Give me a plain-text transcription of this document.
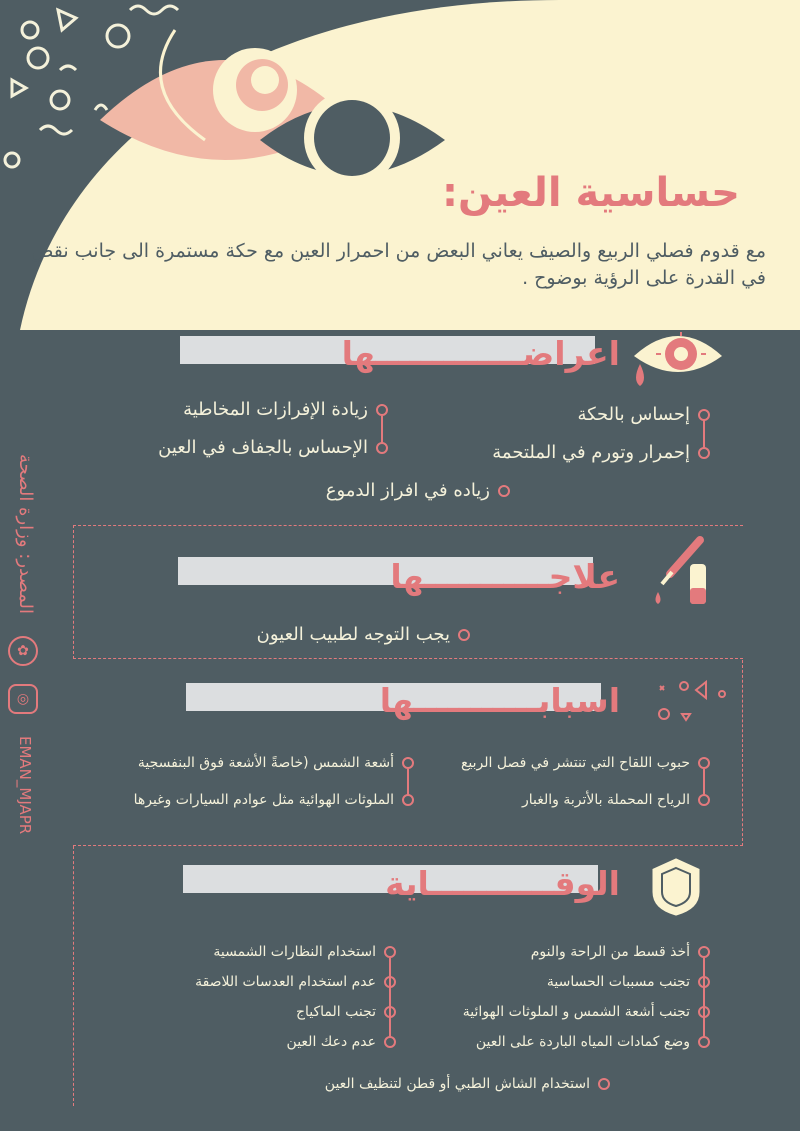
حساسية العين:
مع قدوم فصلي الربيع والصيف يعاني البعض من احمرار العين مع حكة مستمرة الى جانب نقص في القدرة على الرؤية بوضوح .
المصدر: وزارة الصحة
✿
◎
EMAN_MJAPR
اعراضـــــــــــــها
إحساس بالحكة
إحمرار وتورم في الملتحمة
زيادة الإفرازات المخاطية
الإحساس بالجفاف في العين
زياده في افراز الدموع
علاجـــــــــــها
يجب التوجه لطبيب العيون
اسبابـــــــــــها
حبوب اللقاح التي تنتشر في فصل الربيع
الرياح المحملة بالأتربة والغبار
أشعة الشمس (خاصةً الأشعة فوق البنفسجية
الملوثات الهوائية مثل عوادم السيارات وغيرها
الوقـــــــــــاية
أخذ قسط من الراحة والنوم
تجنب مسببات الحساسية
تجنب أشعة الشمس و الملوثات الهوائية
وضع كمادات المياه الباردة على العين
استخدام النظارات الشمسية
عدم استخدام العدسات اللاصقة
تجنب الماكياج
عدم دعك العين
استخدام الشاش الطبي أو قطن لتنظيف العين
